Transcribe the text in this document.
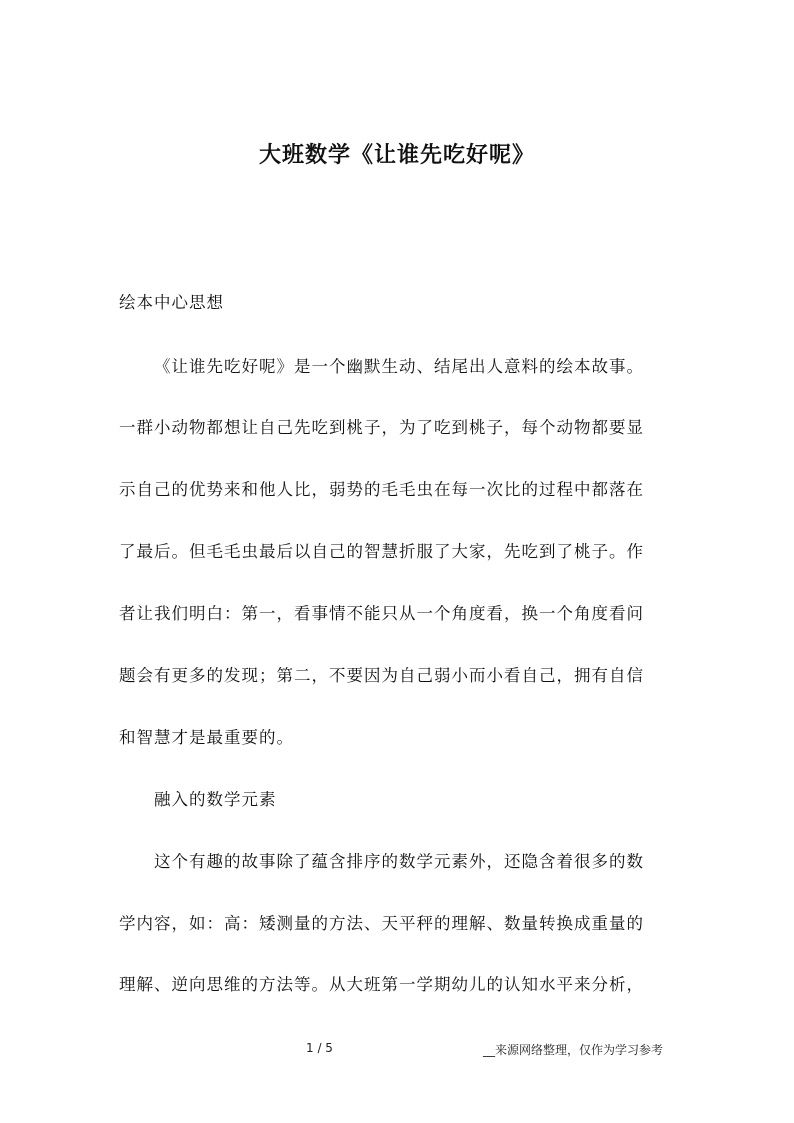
大班数学《让谁先吃好呢》

绘本中心思想

《让谁先吃好呢》是一个幽默生动、结尾出人意料的绘本故事。

一群小动物都想让自己先吃到桃子，为了吃到桃子，每个动物都要显

示自己的优势来和他人比，弱势的毛毛虫在每一次比的过程中都落在

了最后。但毛毛虫最后以自己的智慧折服了大家，先吃到了桃子。作

者让我们明白：第一，看事情不能只从一个角度看，换一个角度看问

题会有更多的发现；第二，不要因为自己弱小而小看自己，拥有自信

和智慧才是最重要的。

融入的数学元素

这个有趣的故事除了蕴含排序的数学元素外，还隐含着很多的数

学内容，如：高：矮测量的方法、天平秤的理解、数量转换成重量的

理解、逆向思维的方法等。从大班第一学期幼儿的认知水平来分析，

1 / 5	__来源网络整理，仅作为学习参考
